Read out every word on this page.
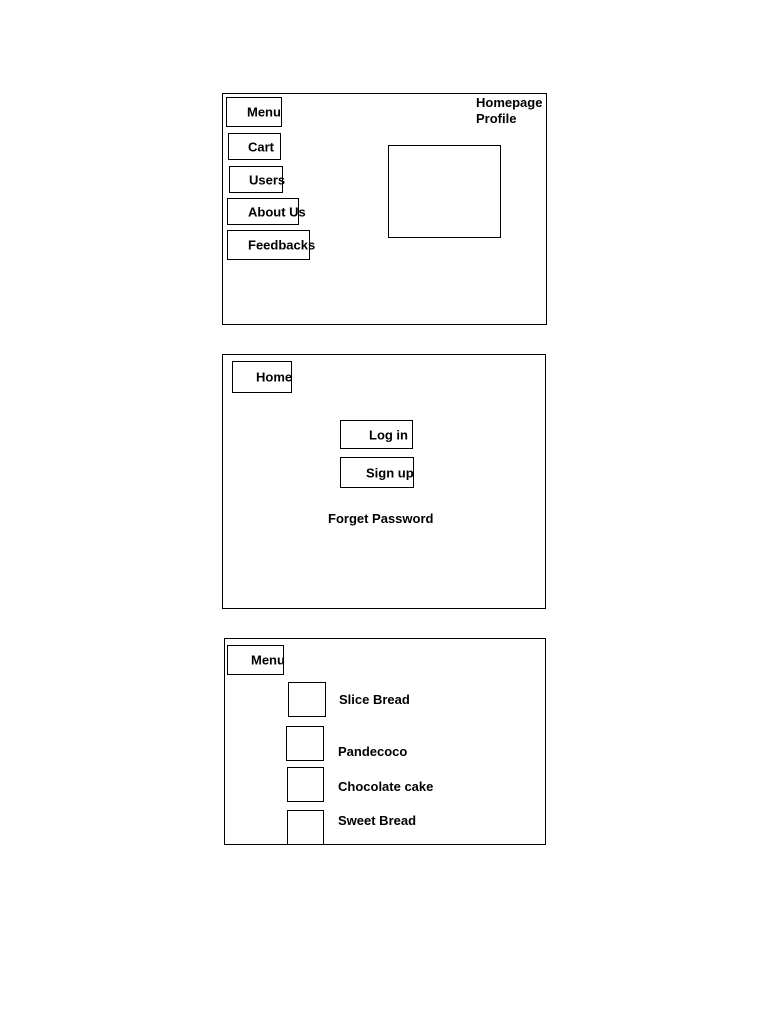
Menu
Cart
Users
About Us
Feedbacks
Homepage
Profile
Home
Log in
Sign up
Forget Password
Menu
Slice Bread
Pandecoco
Chocolate cake
Sweet Bread
